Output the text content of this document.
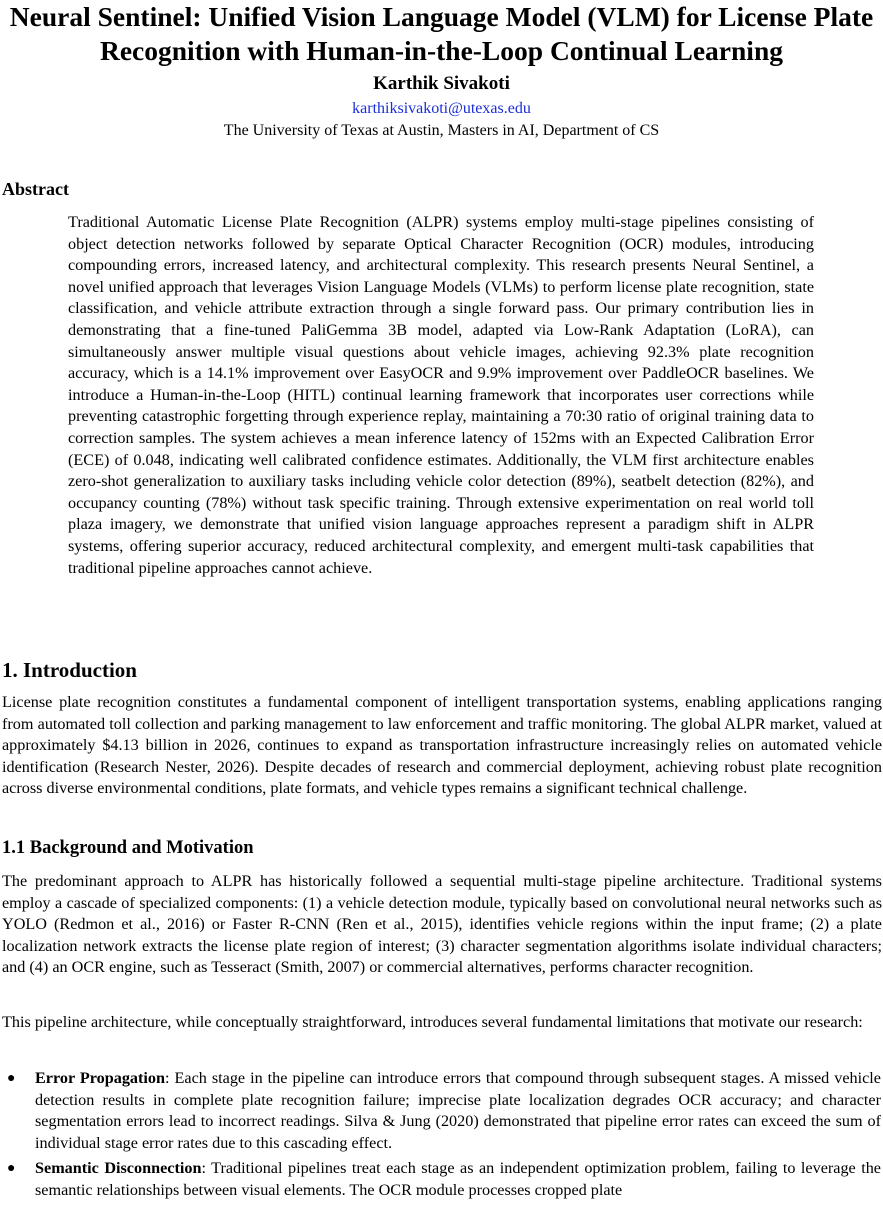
Neural Sentinel: Unified Vision Language Model (VLM) for License Plate Recognition with Human-in-the-Loop Continual Learning
Karthik Sivakoti
karthiksivakoti@utexas.edu
The University of Texas at Austin, Masters in AI, Department of CS
Abstract

Traditional Automatic License Plate Recognition (ALPR) systems employ multi-stage pipelines consisting of object detection networks followed by separate Optical Character Recognition (OCR) modules, introducing compounding errors, increased latency, and architectural complexity. This research presents Neural Sentinel, a novel unified approach that leverages Vision Language Models (VLMs) to perform license plate recognition, state classification, and vehicle attribute extraction through a single forward pass. Our primary contribution lies in demonstrating that a fine-tuned PaliGemma 3B model, adapted via Low-Rank Adaptation (LoRA), can simultaneously answer multiple visual questions about vehicle images, achieving 92.3% plate recognition accuracy, which is a 14.1% improvement over EasyOCR and 9.9% improvement over PaddleOCR baselines. We introduce a Human-in-the-Loop (HITL) continual learning framework that incorporates user corrections while preventing catastrophic forgetting through experience replay, maintaining a 70:30 ratio of original training data to correction samples. The system achieves a mean inference latency of 152ms with an Expected Calibration Error (ECE) of 0.048, indicating well calibrated confidence estimates. Additionally, the VLM first architecture enables zero-shot generalization to auxiliary tasks including vehicle color detection (89%), seatbelt detection (82%), and occupancy counting (78%) without task specific training. Through extensive experimentation on real world toll plaza imagery, we demonstrate that unified vision language approaches represent a paradigm shift in ALPR systems, offering superior accuracy, reduced architectural complexity, and emergent multi-task capabilities that traditional pipeline approaches cannot achieve.

1. Introduction

License plate recognition constitutes a fundamental component of intelligent transportation systems, enabling applications ranging from automated toll collection and parking management to law enforcement and traffic monitoring. The global ALPR market, valued at approximately $4.13 billion in 2026, continues to expand as transportation infrastructure increasingly relies on automated vehicle identification (Research Nester, 2026). Despite decades of research and commercial deployment, achieving robust plate recognition across diverse environmental conditions, plate formats, and vehicle types remains a significant technical challenge.

1.1 Background and Motivation

The predominant approach to ALPR has historically followed a sequential multi-stage pipeline architecture. Traditional systems employ a cascade of specialized components: (1) a vehicle detection module, typically based on convolutional neural networks such as YOLO (Redmon et al., 2016) or Faster R-CNN (Ren et al., 2015), identifies vehicle regions within the input frame; (2) a plate localization network extracts the license plate region of interest; (3) character segmentation algorithms isolate individual characters; and (4) an OCR engine, such as Tesseract (Smith, 2007) or commercial alternatives, performs character recognition.

This pipeline architecture, while conceptually straightforward, introduces several fundamental limitations that motivate our research:

● Error Propagation: Each stage in the pipeline can introduce errors that compound through subsequent stages. A missed vehicle detection results in complete plate recognition failure; imprecise plate localization degrades OCR accuracy; and character segmentation errors lead to incorrect readings. Silva & Jung (2020) demonstrated that pipeline error rates can exceed the sum of individual stage error rates due to this cascading effect.
● Semantic Disconnection: Traditional pipelines treat each stage as an independent optimization problem, failing to leverage the semantic relationships between visual elements. The OCR module processes cropped plate
